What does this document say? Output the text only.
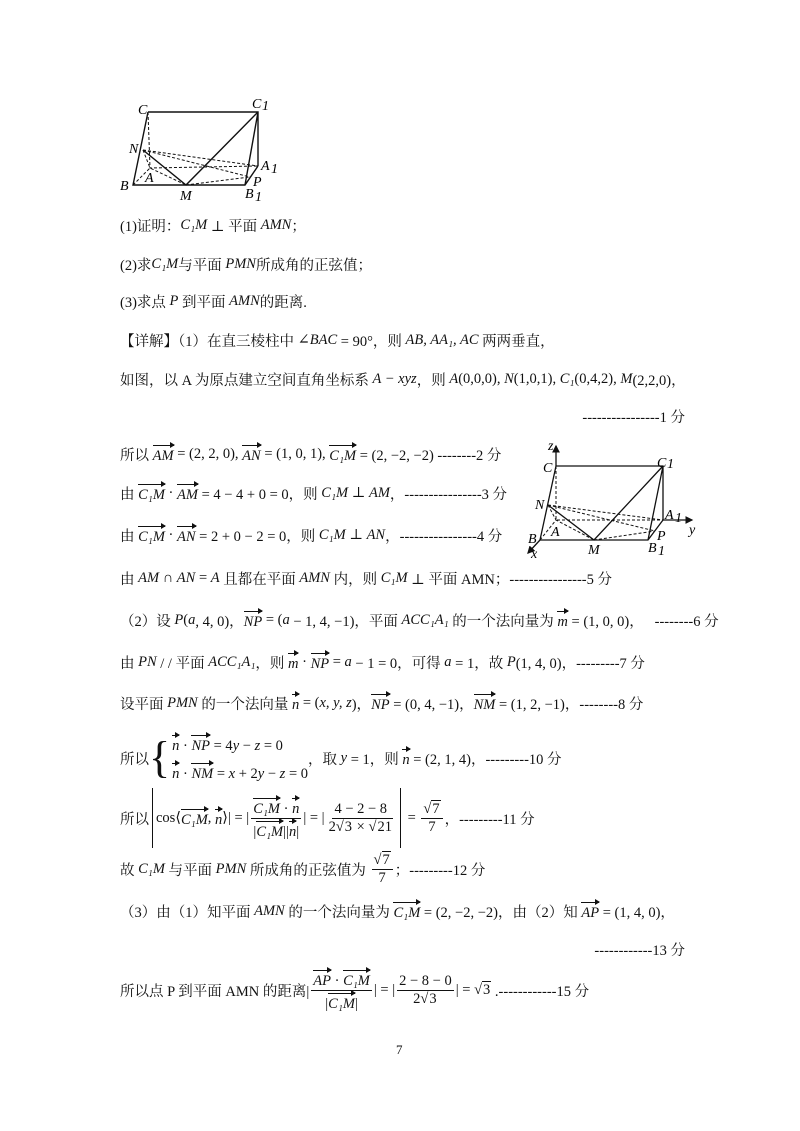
C	C 1
N
A
B
M	B 1
A 1
P
z
y
x
C	C 1
N
A
B
M	B 1
A 1
P
(1)证明： C₁M ⊥ 平面 AMN ；
(2)求 C₁M 与平面 PMN 所成角的正弦值；
(3)求点 P 到平面 AMN 的距离.
【详解】（1）在直三棱柱中 ∠BAC = 90°，则 AB, AA₁, AC 两两垂直，
如图，以 A 为原点建立空间直角坐标系 A − xyz ，则 A (0,0,0), N (1,0,1), C₁ (0,4,2), M (2,2,0)，
----------------1 分
所以 AM = (2, 2, 0), AN = (1, 0, 1), C₁M = (2, −2, −2) --------2 分
由 C₁M · AM = 4 − 4 + 0 = 0，则 C₁M ⊥ AM ，----------------3 分
由 C₁M · AN = 2 + 0 − 2 = 0，则 C₁M ⊥ AN ，----------------4 分
由 AM ∩ AN = A 且都在平面 AMN 内，则 C₁M ⊥ 平面 AMN；----------------5 分
（2）设 P ( a , 4, 0)， NP = ( a − 1, 4, −1)，平面 ACC₁A₁ 的一个法向量为 m = (1, 0, 0)，   --------6 分
由 PN / / 平面 ACC₁A₁ ，则 m · NP = a − 1 = 0，可得 a = 1，故 P (1, 4, 0)，---------7 分
设平面 PMN 的一个法向量 n = ( x, y, z )， NP = (0, 4, −1)， NM = (1, 2, −1)，--------8 分
所以 { n · NP = 4y − z = 0
n · NM = x + 2y − z = 0
，取 y = 1，则 n = (2, 1, 4)，---------10 分
所以 cos⟨ C₁M , n ⟩| = | $\frac{\text{C₁M · n}}{\text{|C₁M||n|}}$ | = | $\frac{4 - 2 - 8}{2√3 \times √21} = \frac{√7}{7}$ ，---------11 分
故 C₁M 与平面 PMN 所成角的正弦值为 $\frac{√7}{7}$ ；---------12 分
（3）由（1）知平面 AMN 的一个法向量为 C₁M = (2, −2, −2)，由（2）知 AP = (1, 4, 0)，
------------13 分
所以点 P 到平面 AMN 的距离| $\frac{\text{AP · C₁M}}{\text{|C₁M|}}$ | = | $\frac{2 - 8 - 0}{2√3}$ | = √3 .------------15 分
7
